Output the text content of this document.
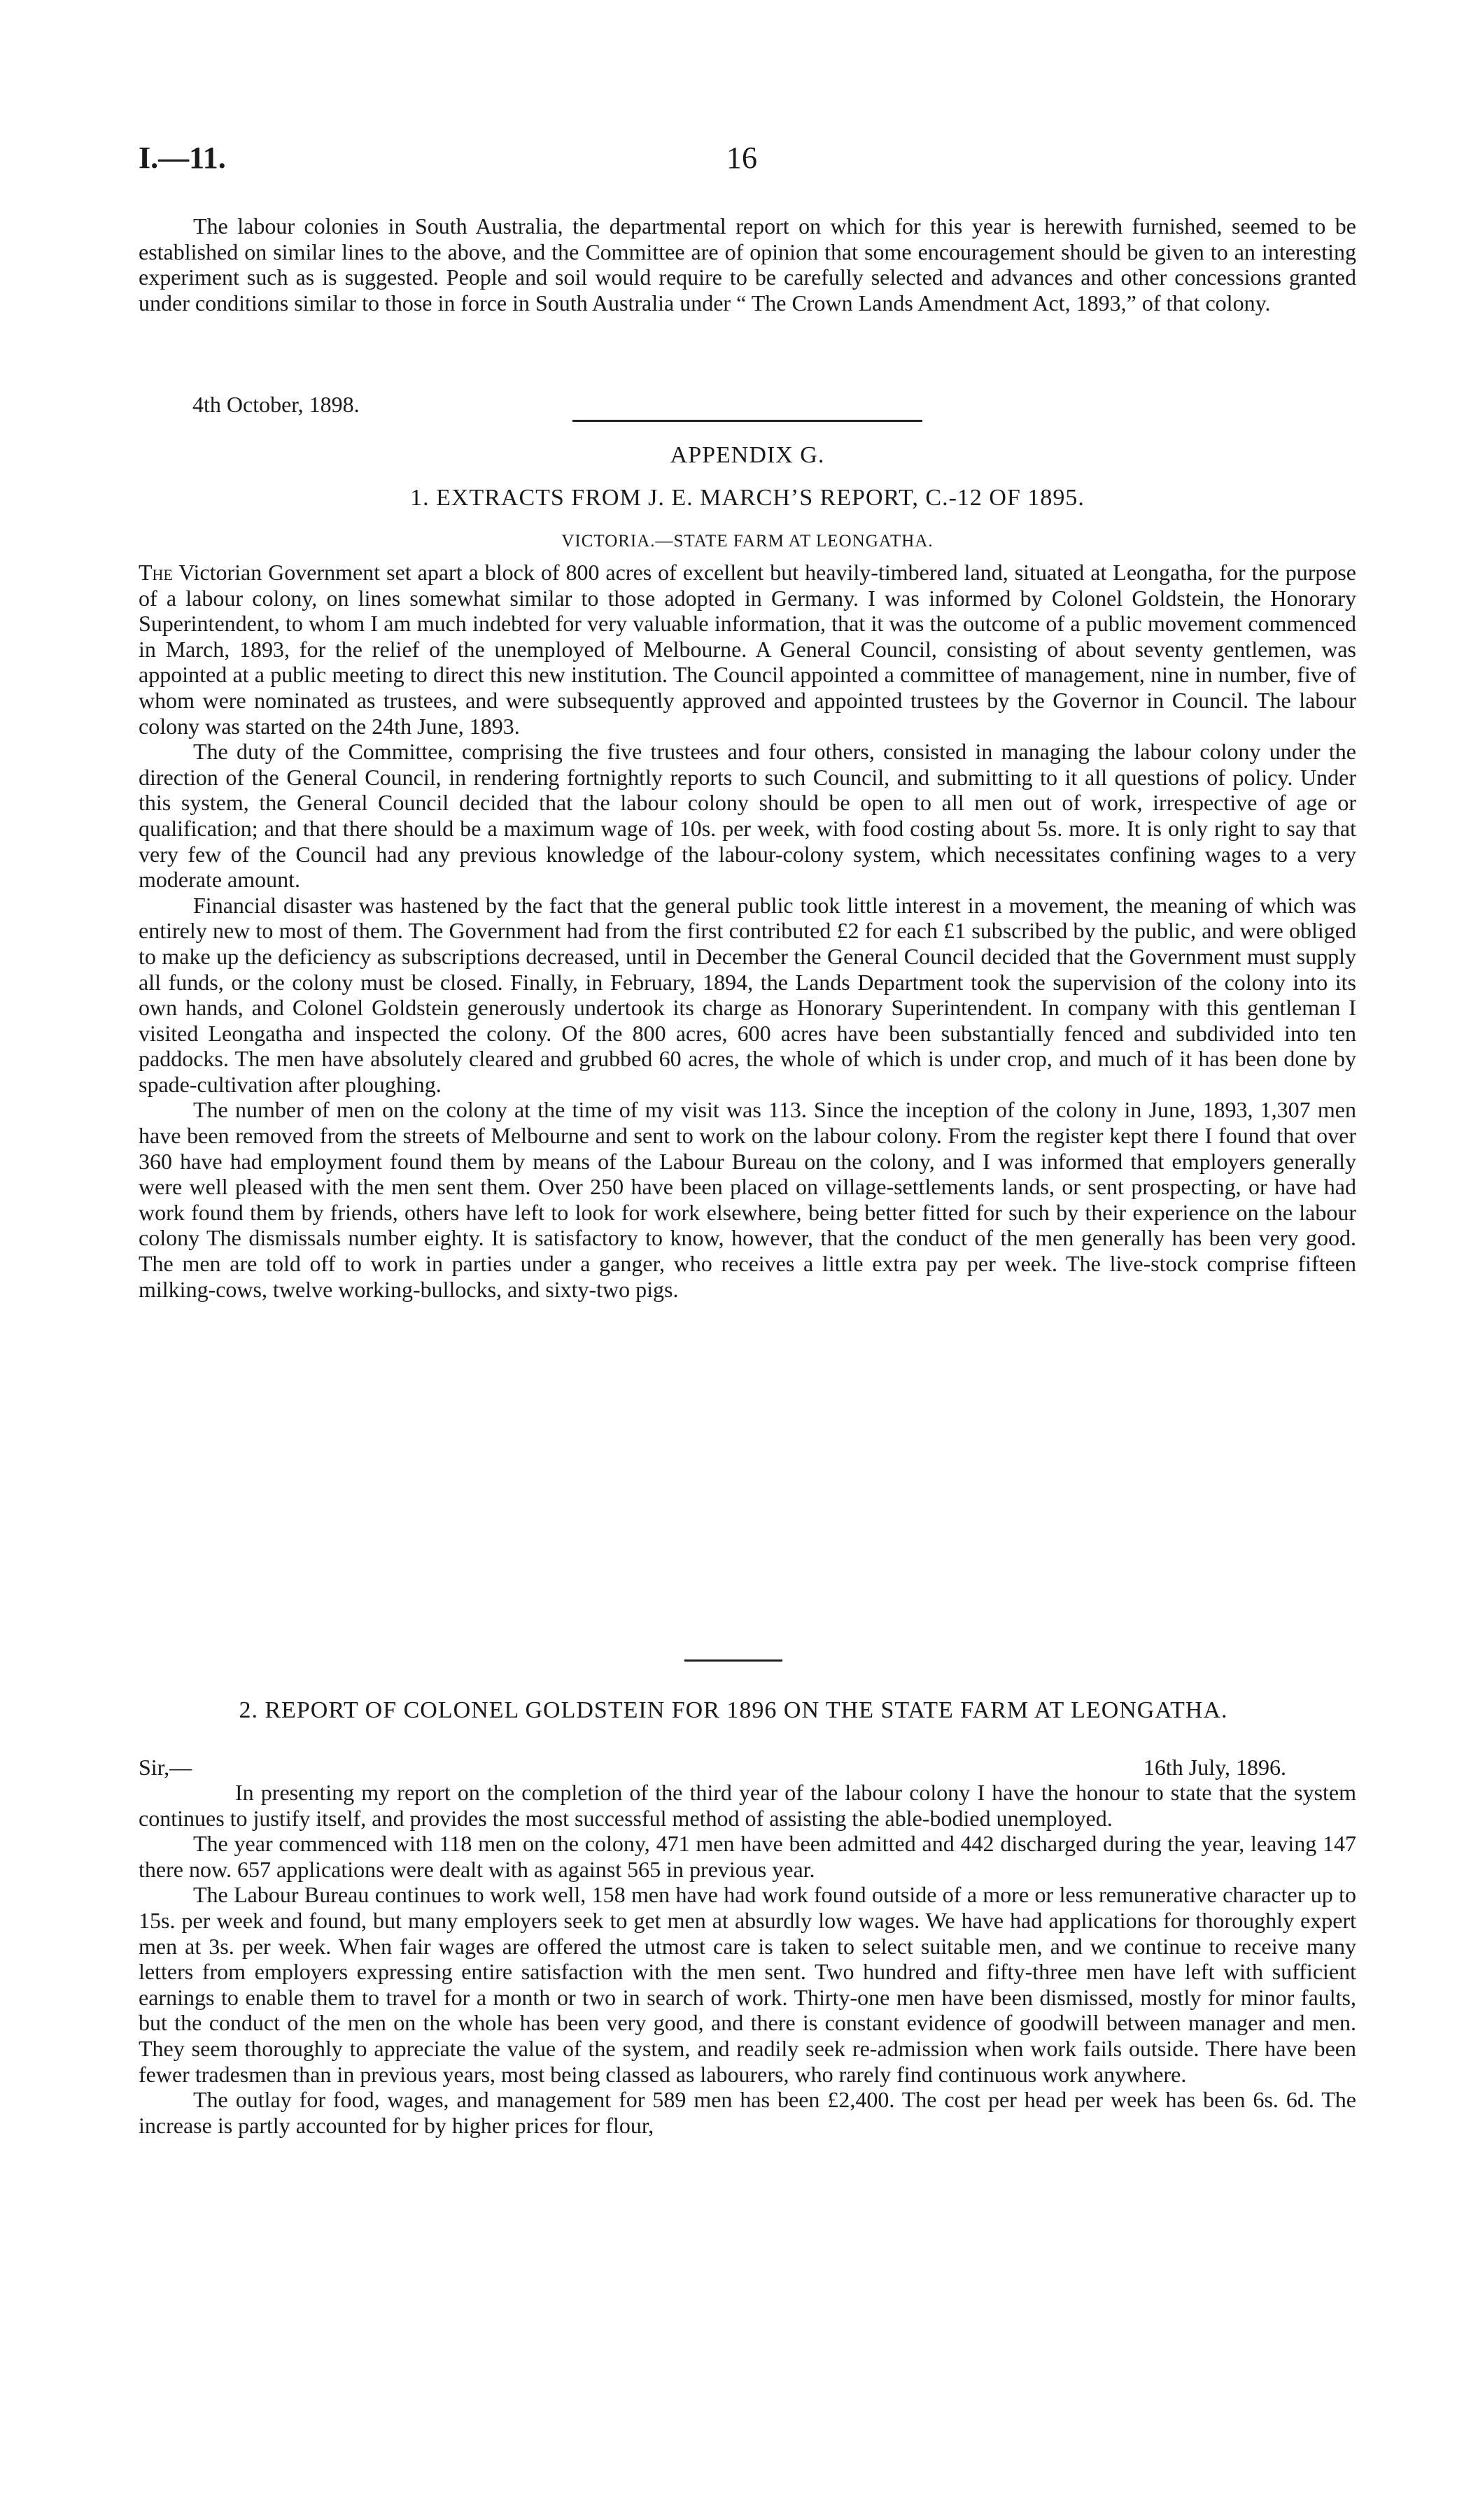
I.—11.	16

The labour colonies in South Australia, the departmental report on which for this year is herewith furnished, seemed to be established on similar lines to the above, and the Committee are of opinion that some encouragement should be given to an interesting experiment such as is suggested. People and soil would require to be carefully selected and advances and other concessions granted under conditions similar to those in force in South Australia under “ The Crown Lands Amendment Act, 1893,” of that colony.

4th October, 1898.
APPENDIX G.
1. EXTRACTS FROM J. E. MARCH’S REPORT, C.-12 OF 1895.
VICTORIA.—STATE FARM AT LEONGATHA.

The Victorian Government set apart a block of 800 acres of excellent but heavily-timbered land, situated at Leongatha, for the purpose of a labour colony, on lines somewhat similar to those adopted in Germany. I was informed by Colonel Goldstein, the Honorary Superintendent, to whom I am much indebted for very valuable information, that it was the outcome of a public movement commenced in March, 1893, for the relief of the unemployed of Melbourne. A General Council, consisting of about seventy gentlemen, was appointed at a public meeting to direct this new institution. The Council appointed a committee of management, nine in number, five of whom were nominated as trustees, and were subsequently approved and appointed trustees by the Governor in Council. The labour colony was started on the 24th June, 1893.

The duty of the Committee, comprising the five trustees and four others, consisted in managing the labour colony under the direction of the General Council, in rendering fortnightly reports to such Council, and submitting to it all questions of policy. Under this system, the General Council decided that the labour colony should be open to all men out of work, irrespective of age or qualification; and that there should be a maximum wage of 10s. per week, with food costing about 5s. more. It is only right to say that very few of the Council had any previous knowledge of the labour-colony system, which necessitates confining wages to a very moderate amount.

Financial disaster was hastened by the fact that the general public took little interest in a movement, the meaning of which was entirely new to most of them. The Government had from the first contributed £2 for each £1 subscribed by the public, and were obliged to make up the deficiency as subscriptions decreased, until in December the General Council decided that the Government must supply all funds, or the colony must be closed. Finally, in February, 1894, the Lands Department took the supervision of the colony into its own hands, and Colonel Goldstein generously undertook its charge as Honorary Superintendent. In company with this gentleman I visited Leongatha and inspected the colony. Of the 800 acres, 600 acres have been substantially fenced and subdivided into ten paddocks. The men have absolutely cleared and grubbed 60 acres, the whole of which is under crop, and much of it has been done by spade-cultivation after ploughing.

The number of men on the colony at the time of my visit was 113. Since the inception of the colony in June, 1893, 1,307 men have been removed from the streets of Melbourne and sent to work on the labour colony. From the register kept there I found that over 360 have had employment found them by means of the Labour Bureau on the colony, and I was informed that employers generally were well pleased with the men sent them. Over 250 have been placed on village-settlements lands, or sent prospecting, or have had work found them by friends, others have left to look for work elsewhere, being better fitted for such by their experience on the labour colony The dismissals number eighty. It is satisfactory to know, however, that the conduct of the men generally has been very good. The men are told off to work in parties under a ganger, who receives a little extra pay per week. The live-stock comprise fifteen milking-cows, twelve working-bullocks, and sixty-two pigs.

2. REPORT OF COLONEL GOLDSTEIN FOR 1896 ON THE STATE FARM AT LEONGATHA.
Sir,—	16th July, 1896.

In presenting my report on the completion of the third year of the labour colony I have the honour to state that the system continues to justify itself, and provides the most successful method of assisting the able-bodied unemployed.

The year commenced with 118 men on the colony, 471 men have been admitted and 442 discharged during the year, leaving 147 there now. 657 applications were dealt with as against 565 in previous year.

The Labour Bureau continues to work well, 158 men have had work found outside of a more or less remunerative character up to 15s. per week and found, but many employers seek to get men at absurdly low wages. We have had applications for thoroughly expert men at 3s. per week. When fair wages are offered the utmost care is taken to select suitable men, and we continue to receive many letters from employers expressing entire satisfaction with the men sent. Two hundred and fifty-three men have left with sufficient earnings to enable them to travel for a month or two in search of work. Thirty-one men have been dismissed, mostly for minor faults, but the conduct of the men on the whole has been very good, and there is constant evidence of goodwill between manager and men. They seem thoroughly to appreciate the value of the system, and readily seek re-admission when work fails outside. There have been fewer tradesmen than in previous years, most being classed as labourers, who rarely find continuous work anywhere.

The outlay for food, wages, and management for 589 men has been £2,400. The cost per head per week has been 6s. 6d. The increase is partly accounted for by higher prices for flour,
